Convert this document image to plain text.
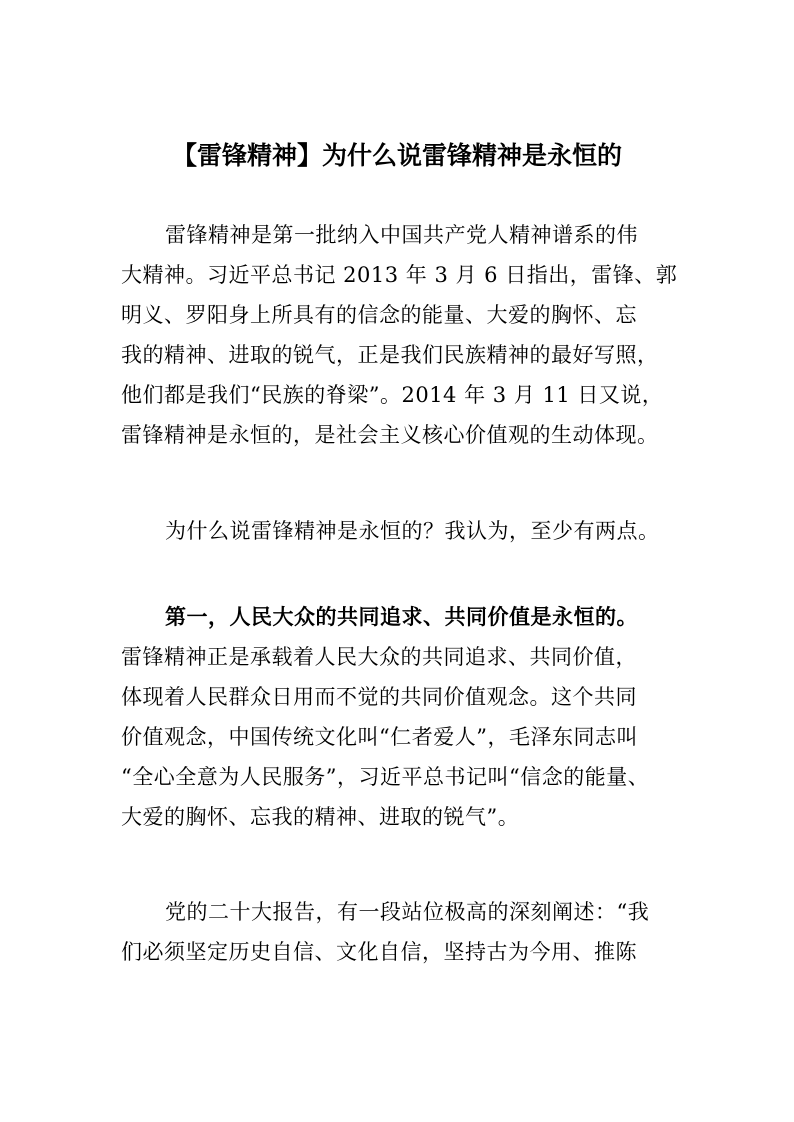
【雷锋精神】为什么说雷锋精神是永恒的

雷锋精神是第一批纳入中国共产党人精神谱系的伟
大精神。习近平总书记 2013 年 3 月 6 日指出，雷锋、郭
明义、罗阳身上所具有的信念的能量、大爱的胸怀、忘
我的精神、进取的锐气，正是我们民族精神的最好写照，
他们都是我们“民族的脊梁”。2014 年 3 月 11 日又说，
雷锋精神是永恒的，是社会主义核心价值观的生动体现。

为什么说雷锋精神是永恒的？我认为，至少有两点。

第一，人民大众的共同追求、共同价值是永恒的。
雷锋精神正是承载着人民大众的共同追求、共同价值，
体现着人民群众日用而不觉的共同价值观念。这个共同
价值观念，中国传统文化叫“仁者爱人”，毛泽东同志叫
“全心全意为人民服务”，习近平总书记叫“信念的能量、
大爱的胸怀、忘我的精神、进取的锐气”。

党的二十大报告，有一段站位极高的深刻阐述：“我
们必须坚定历史自信、文化自信，坚持古为今用、推陈
